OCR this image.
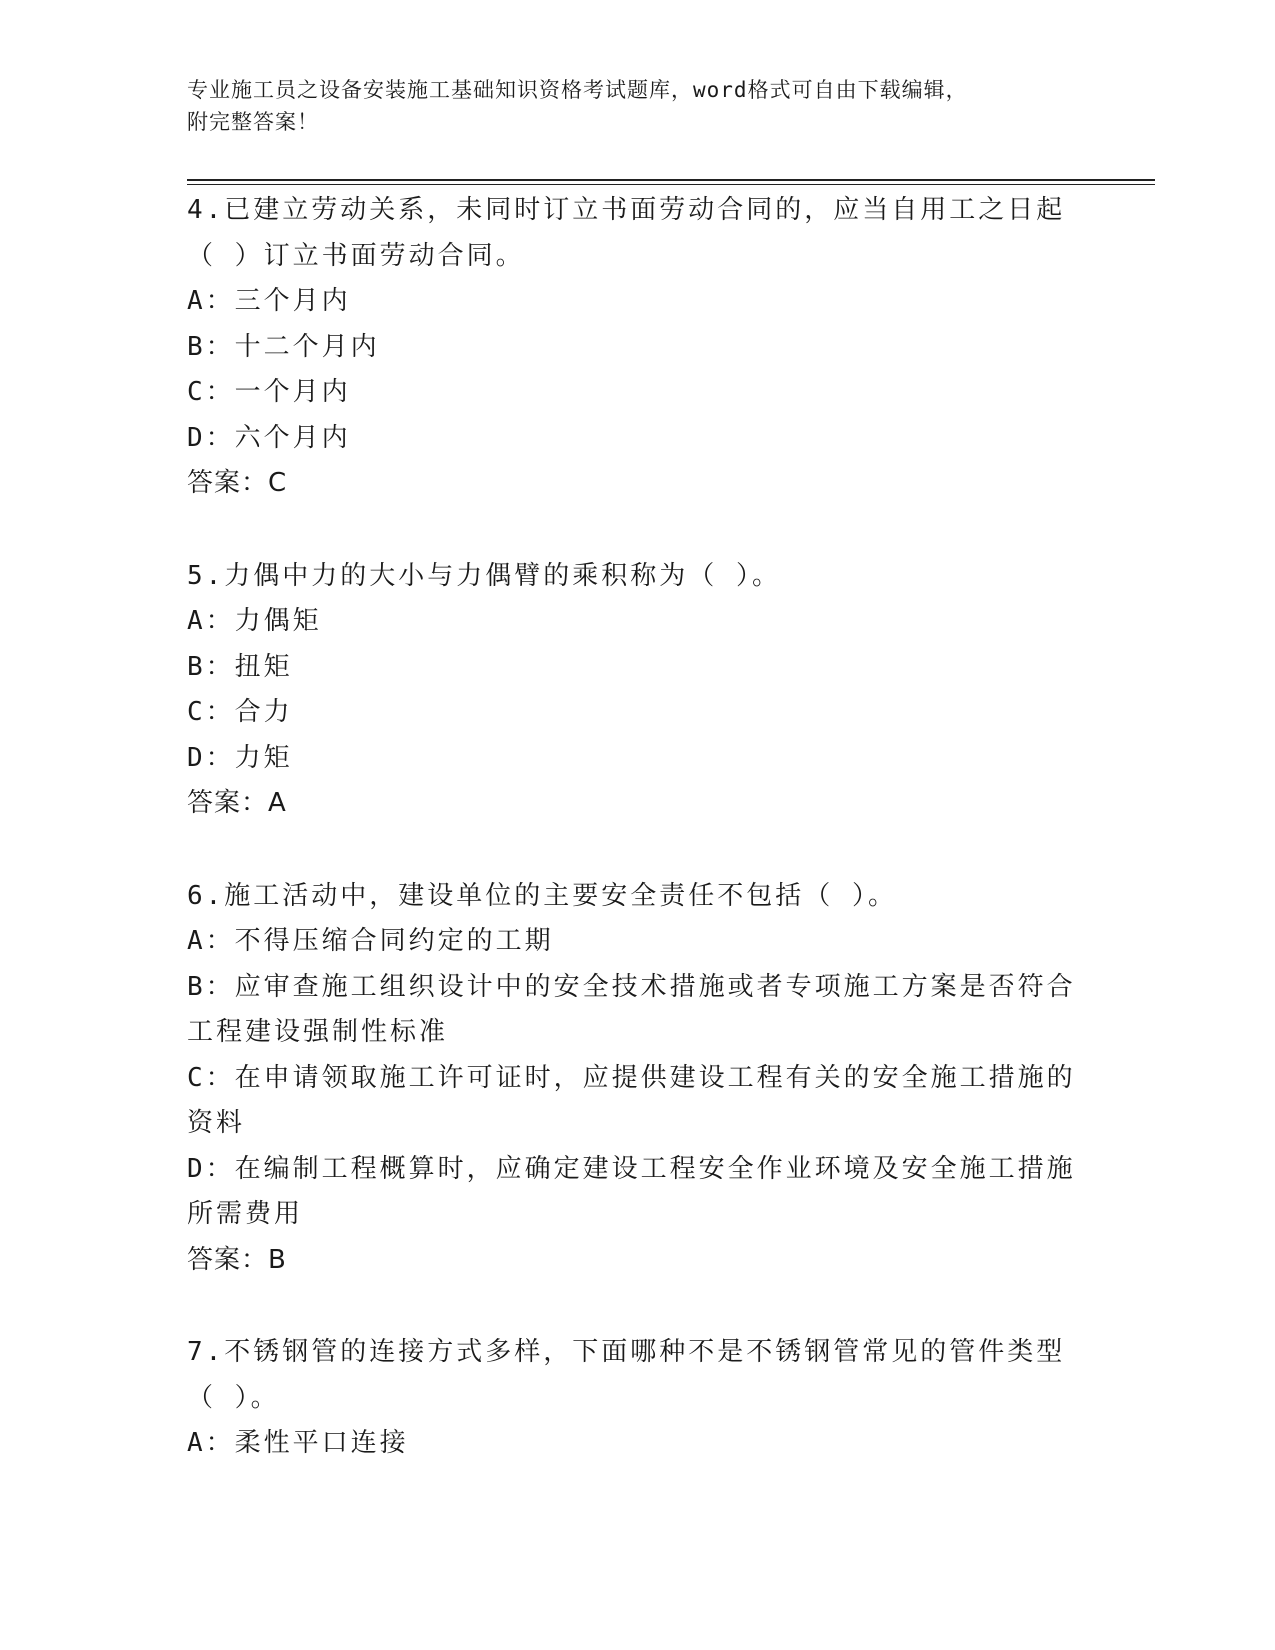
专业施工员之设备安装施工基础知识资格考试题库，word格式可自由下载编辑，
附完整答案！
4.已建立劳动关系，未同时订立书面劳动合同的，应当自用工之日起
（ ）订立书面劳动合同。
A：三个月内
B：十二个月内
C：一个月内
D：六个月内
答案：C
5.力偶中力的大小与力偶臂的乘积称为（ ）。
A：力偶矩
B：扭矩
C：合力
D：力矩
答案：A
6.施工活动中，建设单位的主要安全责任不包括（ ）。
A：不得压缩合同约定的工期
B：应审查施工组织设计中的安全技术措施或者专项施工方案是否符合
工程建设强制性标准
C：在申请领取施工许可证时，应提供建设工程有关的安全施工措施的
资料
D：在编制工程概算时，应确定建设工程安全作业环境及安全施工措施
所需费用
答案：B
7.不锈钢管的连接方式多样，下面哪种不是不锈钢管常见的管件类型
（ ）。
A：柔性平口连接
